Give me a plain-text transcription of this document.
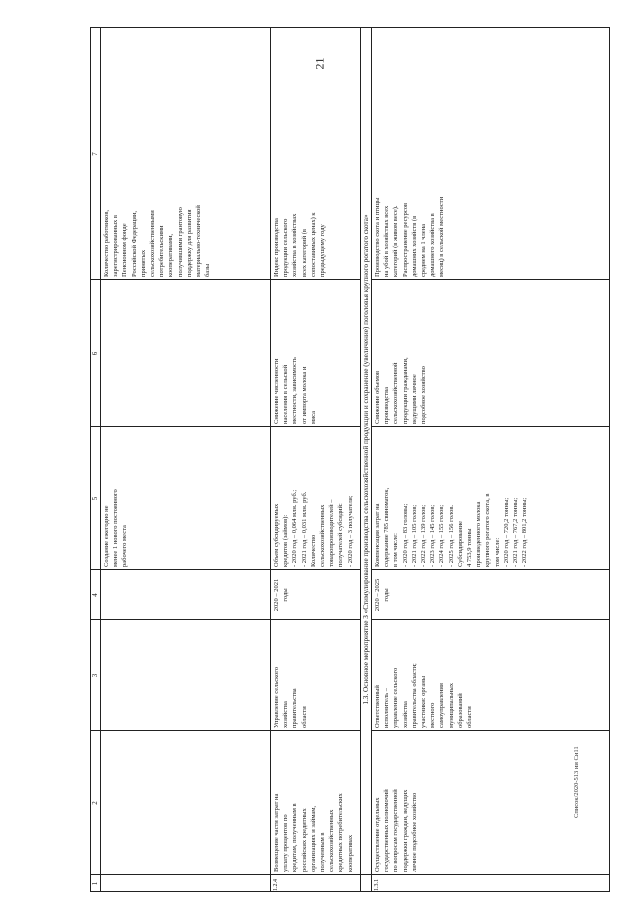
21
1
2
3
4
5
6
7
Создание ежегодно не менее 1 нового постоянного рабочего места
Количество работников, зарегистрированных в Пенсионном фонде Российской Федерации, принятых сельскохозяйственными потребительскими кооперативами, получившими грантовую поддержку для развития материально-технической базы
1.2.4
Возмещение части затрат на уплату процентов по кредитам, полученным в российских кредитных организациях и займам, полученным в сельскохозяйственных кредитных потребительских кооперативах
Управление сельского хозяйства правительства области
2020 – 2021 годы
Объем субсидируемых кредитов (займов): - 2020 год – 0,064 млн. руб.; - 2021 год – 0,031 млн. руб. Количество сельскохозяйственных товаропроизводителей – получателей субсидий: - 2020 год – 3 получателя;
Снижение численности населения в сельской местности, зависимость от импорта молока и мяса
Индекс производства продукции сельского хозяйства в хозяйствах всех категорий (в сопоставимых ценах) к предыдущему году	1.3. Основное мероприятие 3 «Стимулирование производства сельскохозяйственной продукции и сохранение (увеличение) поголовья крупного рогатого скота»
1.3.1
Осуществление отдельных государственных полномочий по вопросам государственной поддержки граждан, ведущих личное подсобное хозяйство
Ответственный исполнитель – управление сельского хозяйства правительства области; участники: органы местного самоуправления муниципальных образований области
2020 – 2025 годы
Компенсация затрат на содержание 785 свиноматок, в том числе: - 2020 год – 83 головы; - 2021 год – 105 голов; - 2022 год – 139 голов; - 2023 год – 145 голов; - 2024 год – 155 голов; - 2025 год – 156 голов. Субсидирование 4 753,9 тонны произведенного молока крупного рогатого скота, в том числе: - 2020 год – 720,2 тонны; - 2021 год – 767,2 тонны; - 2022 год – 801,2 тонны;
Снижение объемов производства сельскохозяйственной продукции гражданами, ведущими личное подсобное хозяйство
Производство скота и птицы на убой в хозяйствах всех категорий (в живом весе). Распространение ресурсов домашних хозяйств (в среднем на 1 члена домашнего хозяйства в месяц) в сельской местности
Список/2020-513 ии Си11
